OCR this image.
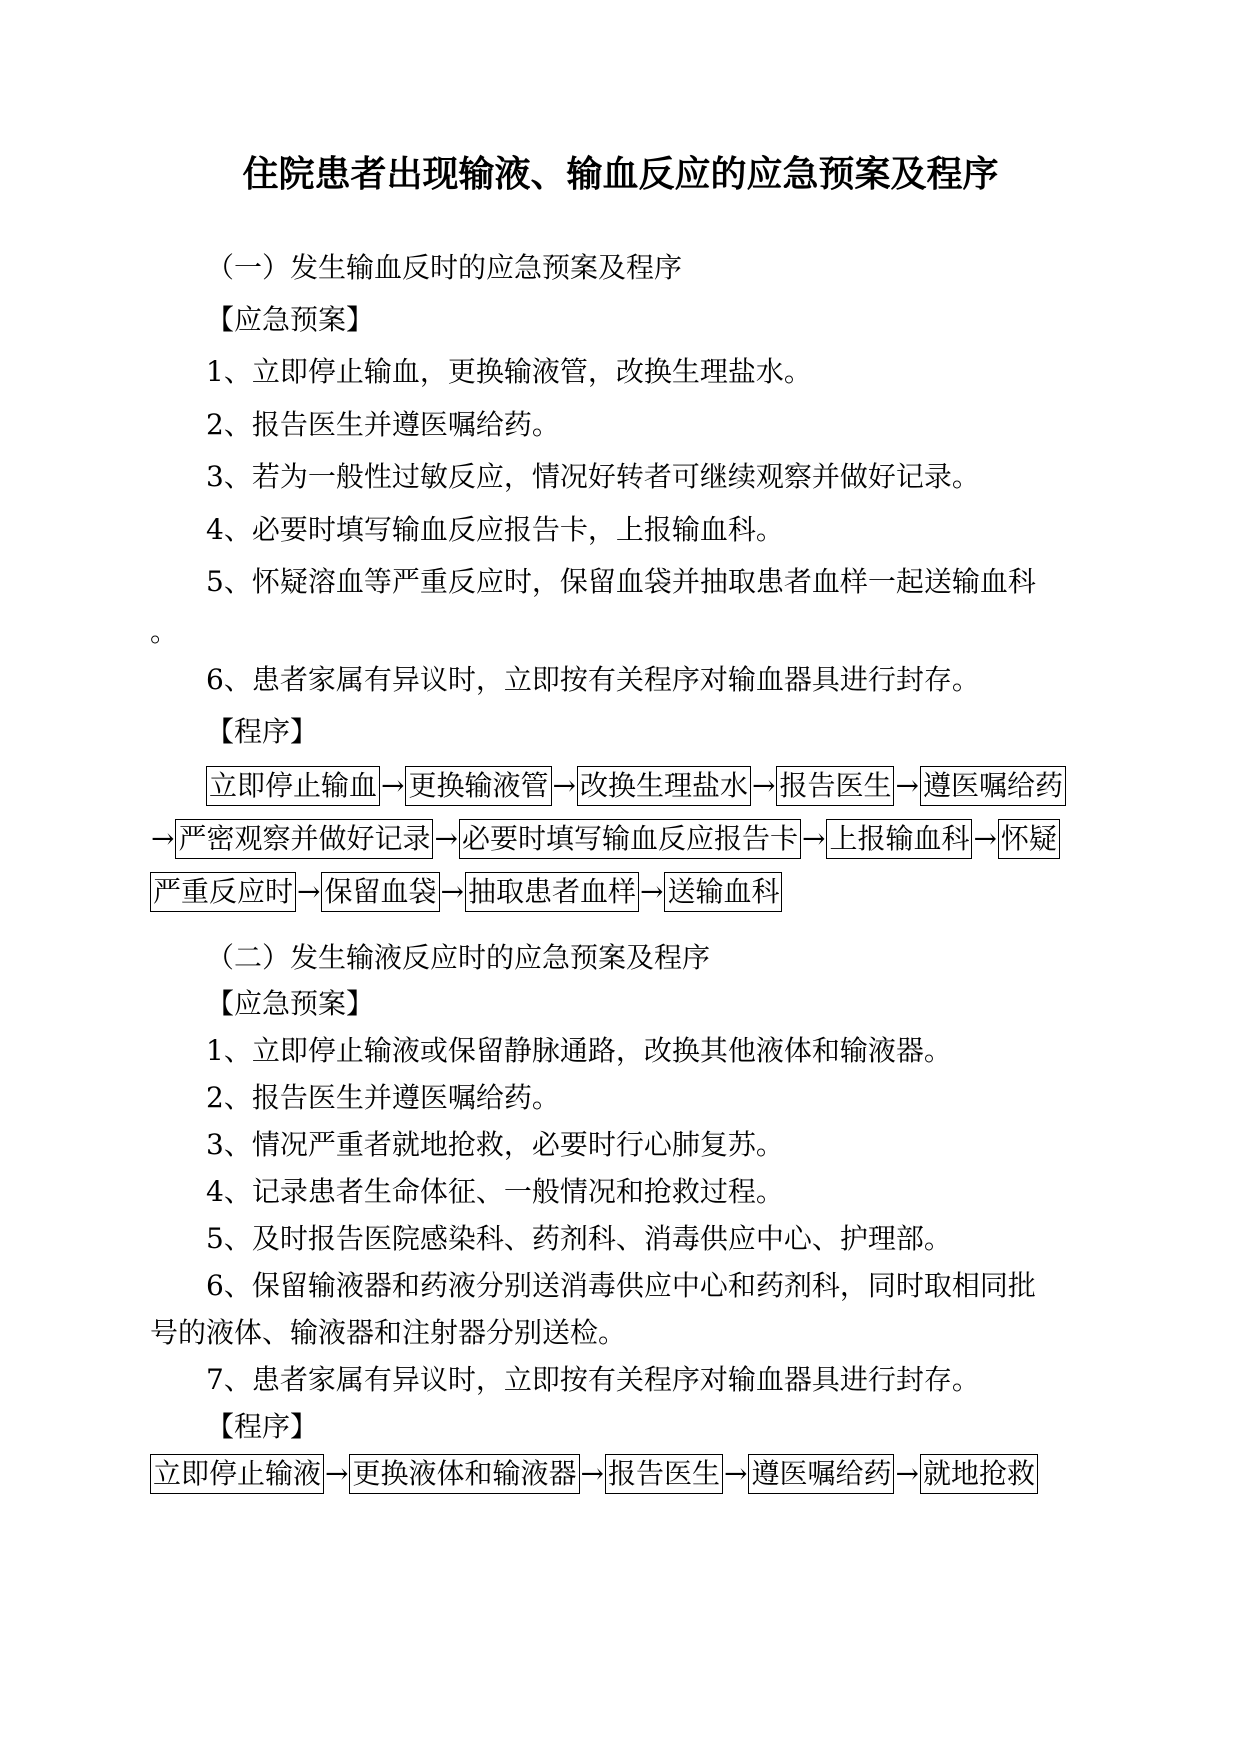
住院患者出现输液、输血反应的应急预案及程序
（一）发生输血反时的应急预案及程序
【应急预案】
1、立即停止输血，更换输液管，改换生理盐水。
2、报告医生并遵医嘱给药。
3、若为一般性过敏反应，情况好转者可继续观察并做好记录。
4、必要时填写输血反应报告卡，上报输血科。
5、怀疑溶血等严重反应时，保留血袋并抽取患者血样一起送输血科
。
6、患者家属有异议时，立即按有关程序对输血器具进行封存。
【程序】
立即停止输血 → 更换输液管 → 改换生理盐水 → 报告医生 → 遵医嘱给药
→ 严密观察并做好记录 → 必要时填写输血反应报告卡 → 上报输血科 → 怀疑
严重反应时 → 保留血袋 → 抽取患者血样 → 送输血科
（二）发生输液反应时的应急预案及程序
【应急预案】
1、立即停止输液或保留静脉通路，改换其他液体和输液器。
2、报告医生并遵医嘱给药。
3、情况严重者就地抢救，必要时行心肺复苏。
4、记录患者生命体征、一般情况和抢救过程。
5、及时报告医院感染科、药剂科、消毒供应中心、护理部。
6、保留输液器和药液分别送消毒供应中心和药剂科，同时取相同批
号的液体、输液器和注射器分别送检。
7、患者家属有异议时，立即按有关程序对输血器具进行封存。
【程序】
立即停止输液 → 更换液体和输液器 → 报告医生 → 遵医嘱给药 → 就地抢救
